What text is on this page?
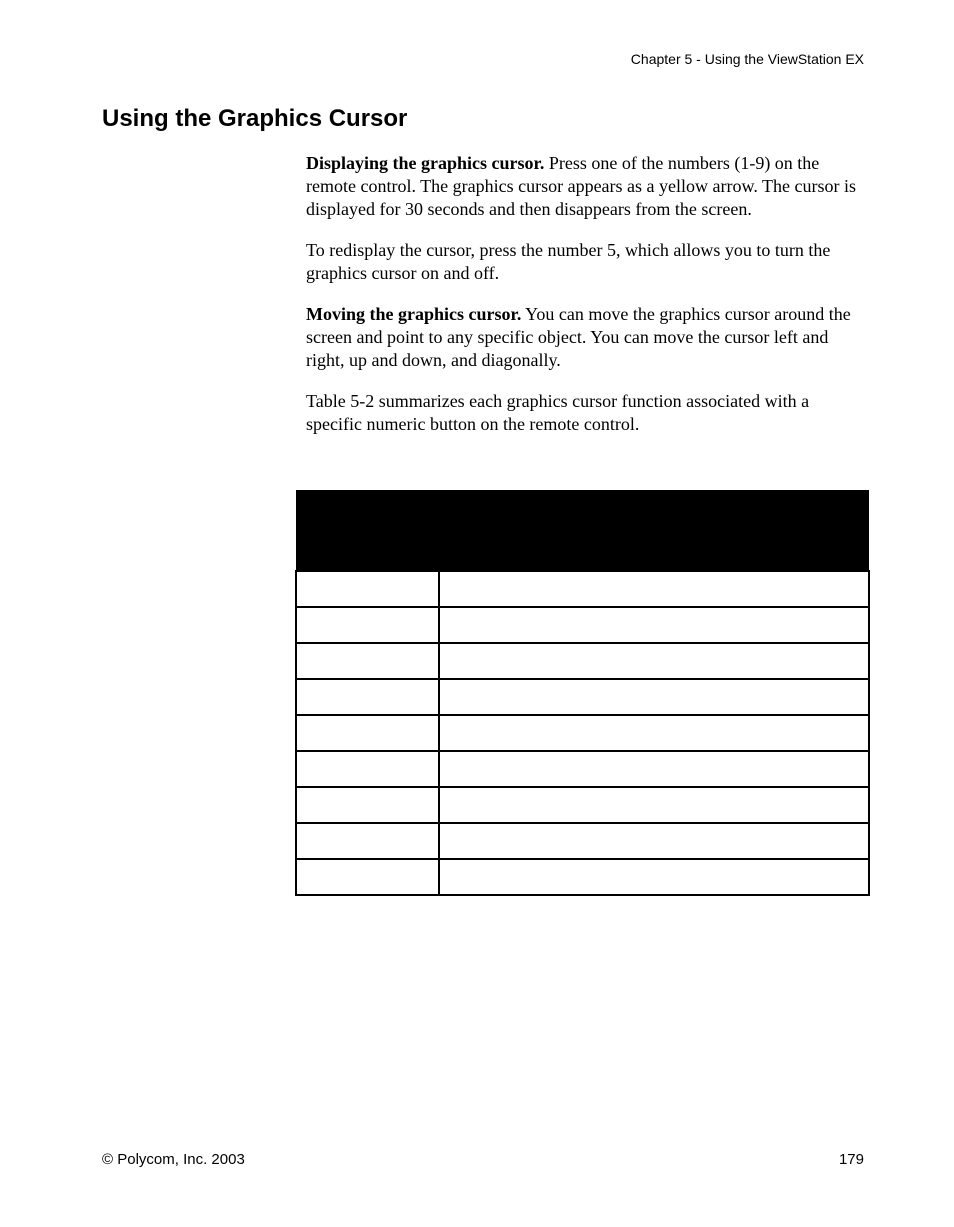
Chapter 5 - Using the ViewStation EX
Using the Graphics Cursor

Displaying the graphics cursor. Press one of the numbers (1-9) on the remote control. The graphics cursor appears as a yellow arrow. The cursor is displayed for 30 seconds and then disappears from the screen.

To redisplay the cursor, press the number 5, which allows you to turn the graphics cursor on and off.

Moving the graphics cursor. You can move the graphics cursor around the screen and point to any specific object. You can move the cursor left and right, up and down, and diagonally.

Table 5-2 summarizes each graphics cursor function associated with a specific numeric button on the remote control.

© Polycom, Inc. 2003	179
